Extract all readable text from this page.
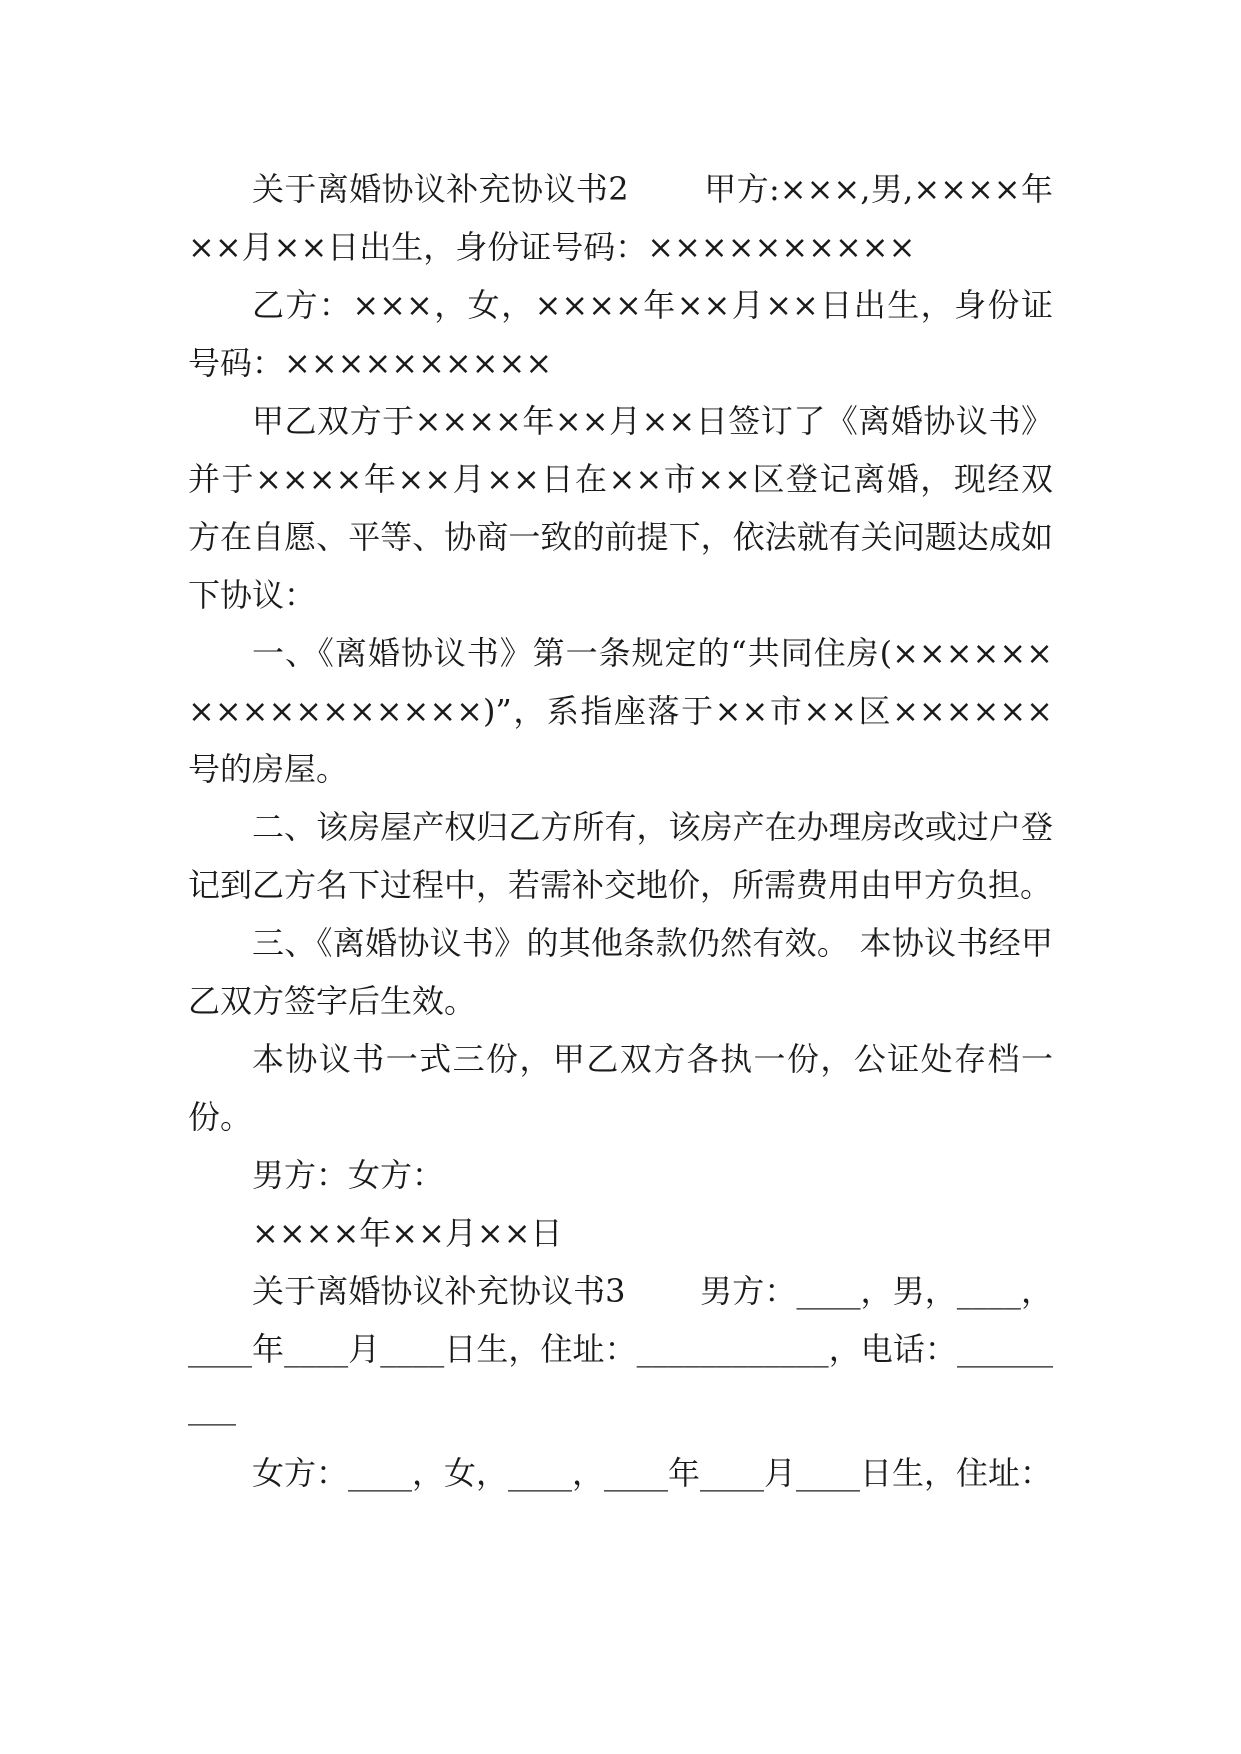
关于离婚协议补充协议书2　　 甲方:×××,男,××××年××月××日出生，身份证号码：××××××××××

乙方：×××，女，××××年××月××日出生，身份证号码：××××××××××

甲乙双方于××××年××月××日签订了《离婚协议书》并于××××年××月××日在××市××区登记离婚，现经双方在自愿、平等、协商一致的前提下，依法就有关问题达成如下协议：

一、《离婚协议书》第一条规定的“共同住房(×××××××××××××××××)”，系指座落于××市××区××××××号的房屋。

二、该房屋产权归乙方所有，该房产在办理房改或过户登记到乙方名下过程中，若需补交地价，所需费用由甲方负担。

三、《离婚协议书》的其他条款仍然有效。 本协议书经甲乙双方签字后生效。

本协议书一式三份，甲乙双方各执一份，公证处存档一份。

男方：女方：

××××年××月××日

关于离婚协议补充协议书3　　 男方：____，男，____，____年____月____日生，住址：____________，电话：_________

女方：____，女，____，____年____月____日生，住址：
